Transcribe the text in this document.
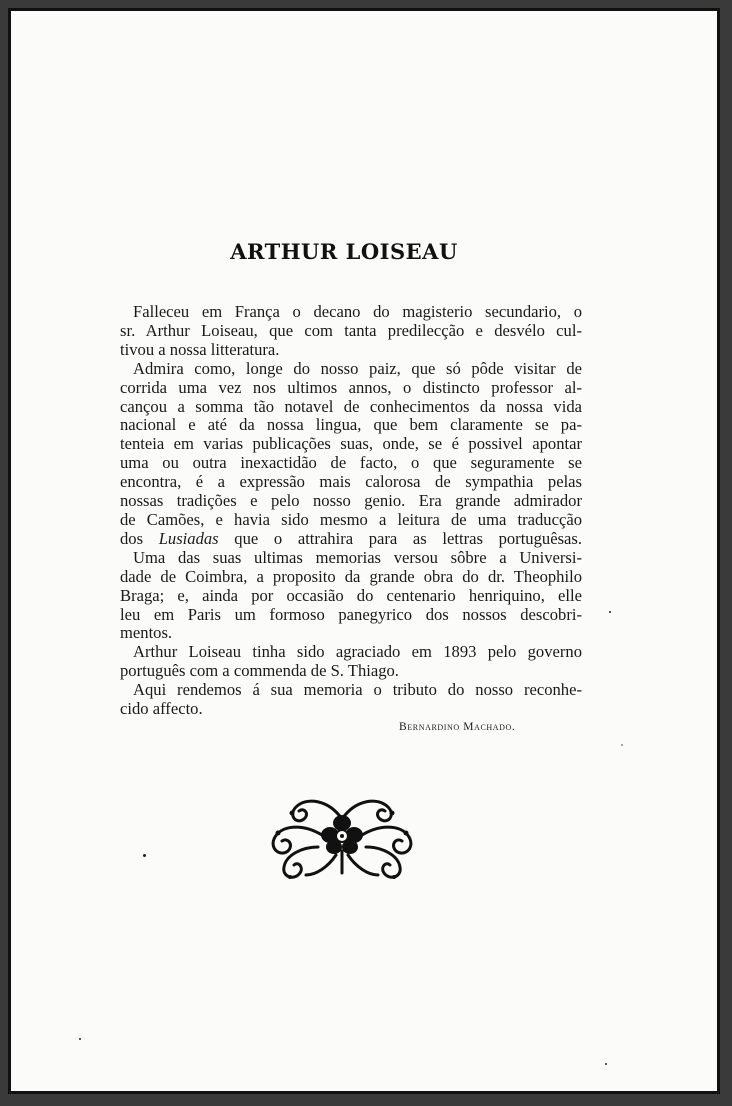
ARTHUR LOISEAU

Falleceu em França o decano do magisterio secundario, o
sr. Arthur Loiseau, que com tanta predilecção e desvélo cul-
tivou a nossa litteratura.

Admira como, longe do nosso paiz, que só pôde visitar de
corrida uma vez nos ultimos annos, o distincto professor al-
cançou a somma tão notavel de conhecimentos da nossa vida
nacional e até da nossa lingua, que bem claramente se pa-
tenteia em varias publicações suas, onde, se é possivel apontar
uma ou outra inexactidão de facto, o que seguramente se
encontra, é a expressão mais calorosa de sympathia pelas
nossas tradições e pelo nosso genio. Era grande admirador
de Camões, e havia sido mesmo a leitura de uma traducção
dos Lusiadas que o attrahira para as lettras portuguêsas.

Uma das suas ultimas memorias versou sôbre a Universi-
dade de Coimbra, a proposito da grande obra do dr. Theophilo
Braga; e, ainda por occasião do centenario henriquino, elle
leu em Paris um formoso panegyrico dos nossos descobri-
mentos.

Arthur Loiseau tinha sido agraciado em 1893 pelo governo
português com a commenda de S. Thiago.

Aqui rendemos á sua memoria o tributo do nosso reconhe-
cido affecto.

Bernardino Machado.
